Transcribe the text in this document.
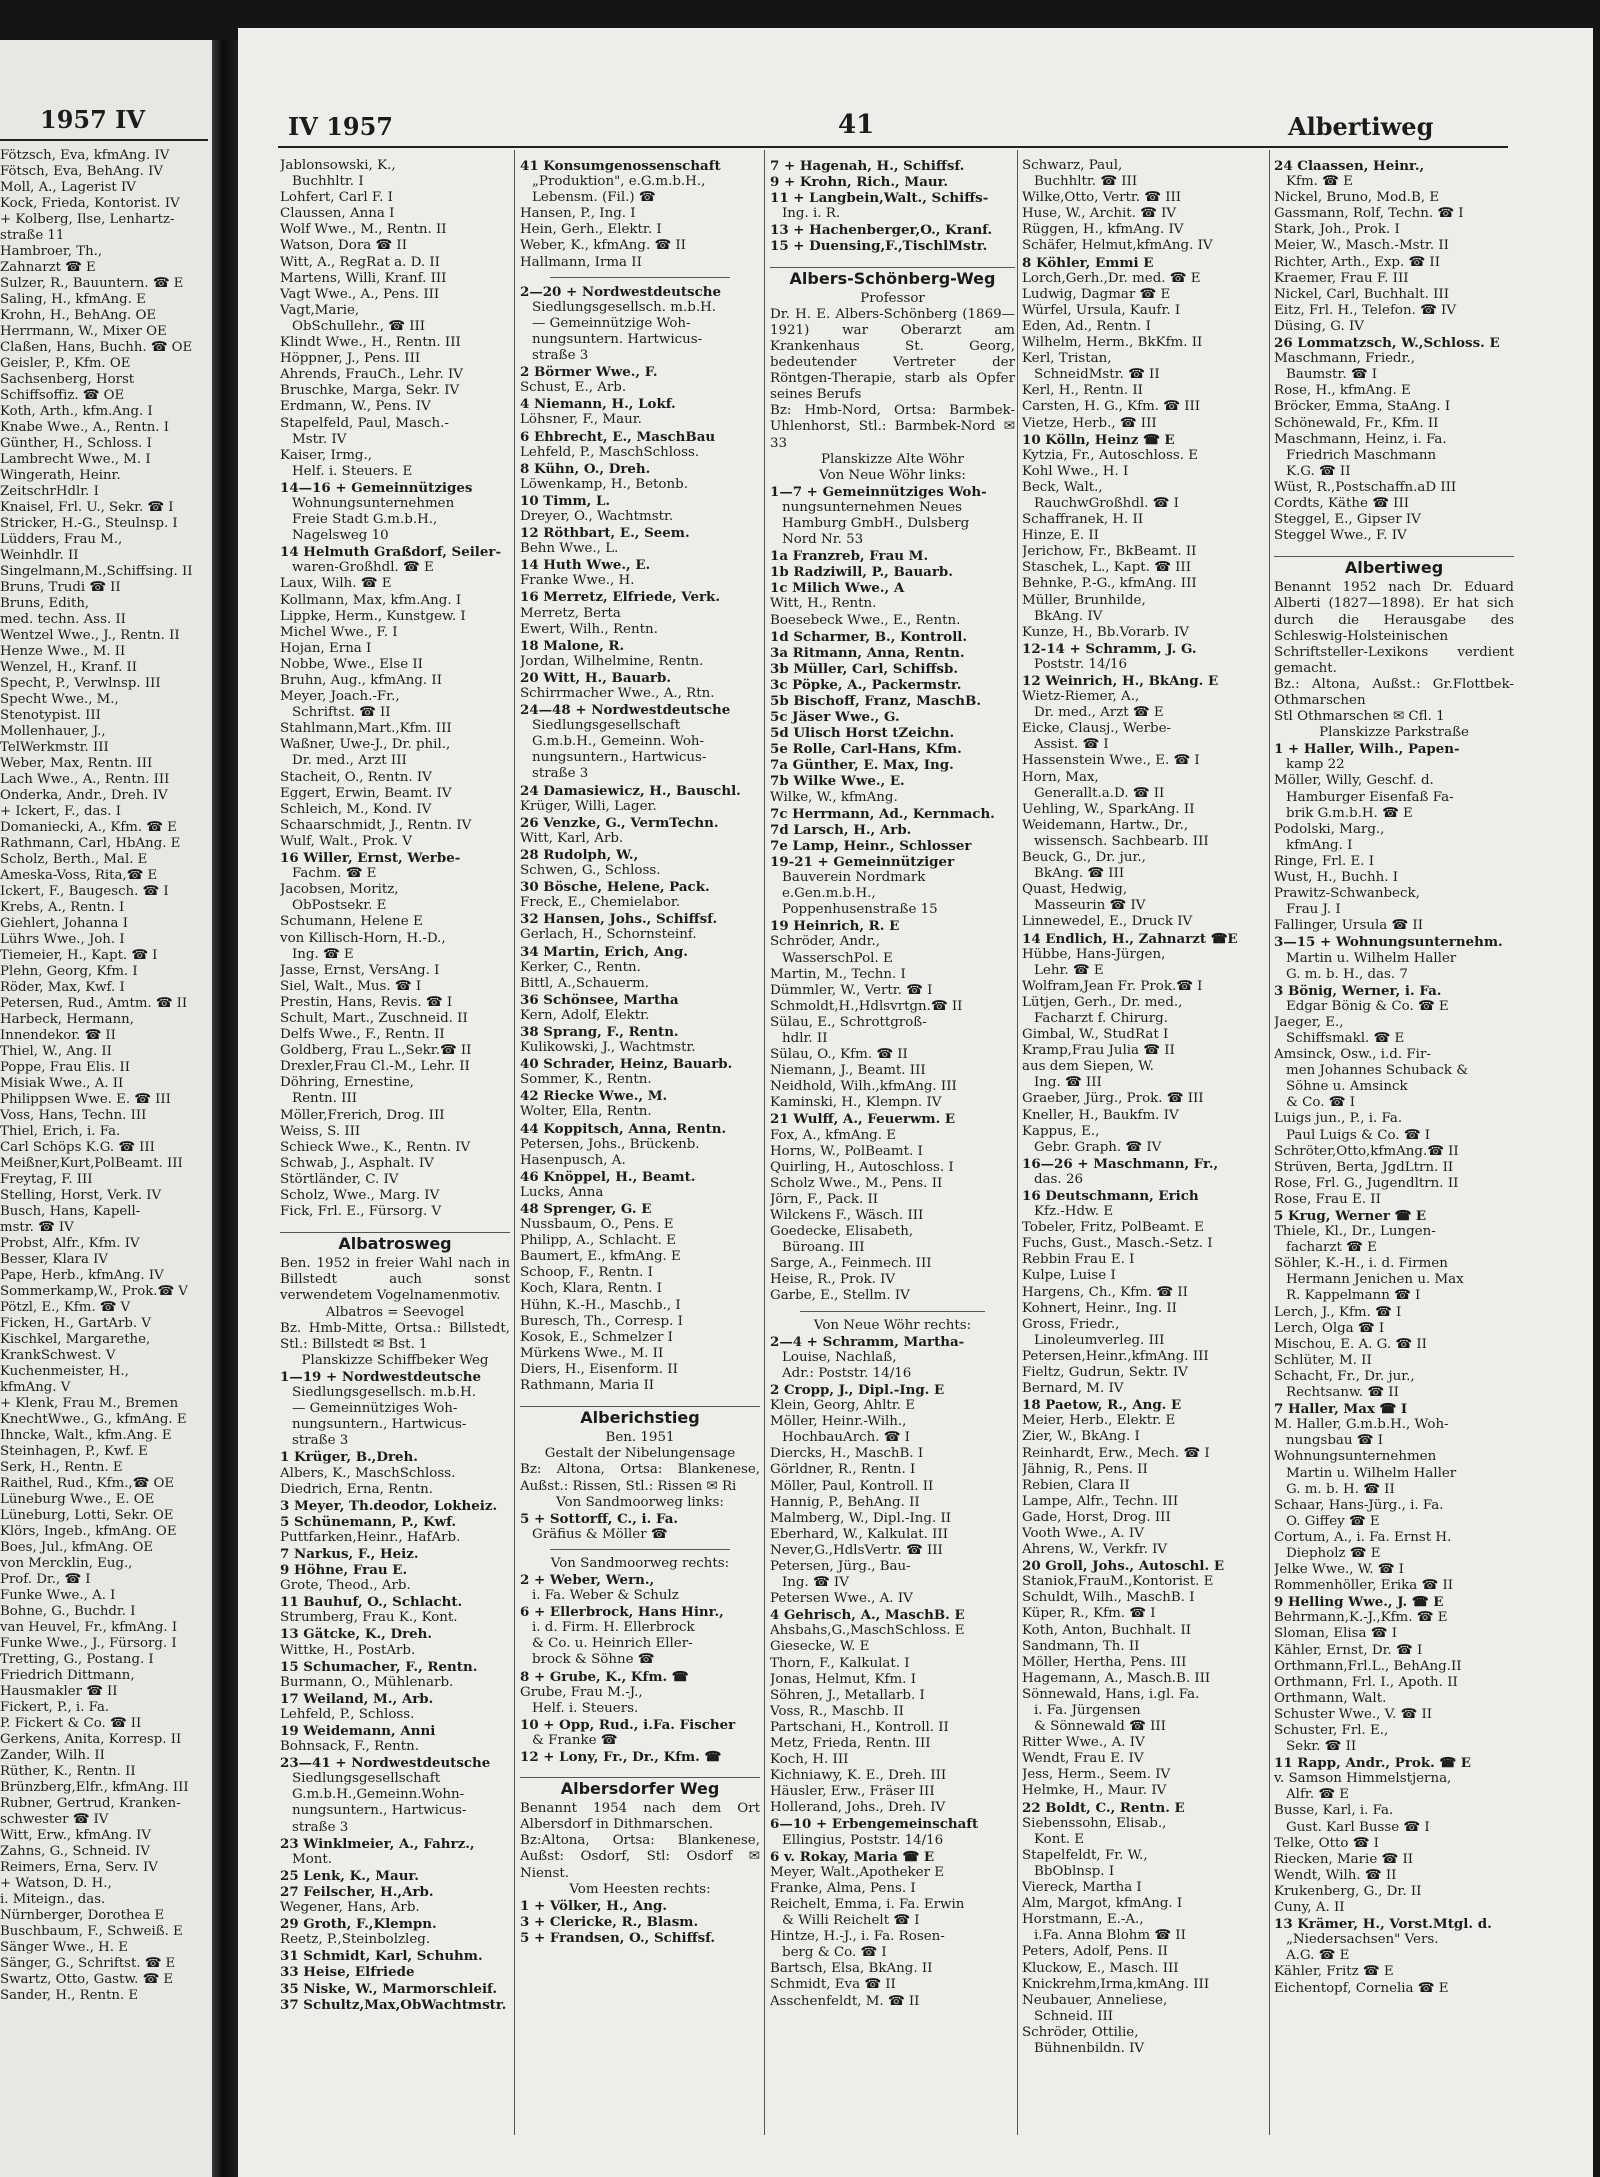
1957 IV
Fötzsch, Eva, kfmAng. IV
Fötsch, Eva, BehAng. IV
Moll, A., Lagerist IV
Kock, Frieda, Kontorist. IV
+ Kolberg, Ilse, Lenhartz-
straße 11
Hambroer, Th.,
Zahnarzt ☎ E
Sulzer, R., Bauuntern. ☎ E
Saling, H., kfmAng. E
Krohn, H., BehAng. OE
Herrmann, W., Mixer OE
Claßen, Hans, Buchh. ☎ OE
Geisler, P., Kfm. OE
Sachsenberg, Horst
Schiffsoffiz. ☎ OE
Koth, Arth., kfm.Ang. I
Knabe Wwe., A., Rentn. I
Günther, H., Schloss. I
Lambrecht Wwe., M. I
Wingerath, Heinr.
ZeitschrHdlr. I
Knaisel, Frl. U., Sekr. ☎ I
Stricker, H.-G., Steulnsp. I
Lüdders, Frau M.,
Weinhdlr. II
Singelmann,M.,Schiffsing. II
Bruns, Trudi ☎ II
Bruns, Edith,
med. techn. Ass. II
Wentzel Wwe., J., Rentn. II
Henze Wwe., M. II
Wenzel, H., Kranf. II
Specht, P., Verwlnsp. III
Specht Wwe., M.,
Stenotypist. III
Mollenhauer, J.,
TelWerkmstr. III
Weber, Max, Rentn. III
Lach Wwe., A., Rentn. III
Onderka, Andr., Dreh. IV
+ Ickert, F., das. I
Domaniecki, A., Kfm. ☎ E
Rathmann, Carl, HbAng. E
Scholz, Berth., Mal. E
Ameska-Voss, Rita,☎ E
Ickert, F., Baugesch. ☎ I
Krebs, A., Rentn. I
Giehlert, Johanna I
Lührs Wwe., Joh. I
Tiemeier, H., Kapt. ☎ I
Plehn, Georg, Kfm. I
Röder, Max, Kwf. I
Petersen, Rud., Amtm. ☎ II
Harbeck, Hermann,
Innendekor. ☎ II
Thiel, W., Ang. II
Poppe, Frau Elis. II
Misiak Wwe., A. II
Philippsen Wwe. E. ☎ III
Voss, Hans, Techn. III
Thiel, Erich, i. Fa.
Carl Schöps K.G. ☎ III
Meißner,Kurt,PolBeamt. III
Freytag, F. III
Stelling, Horst, Verk. IV
Busch, Hans, Kapell-
mstr. ☎ IV
Probst, Alfr., Kfm. IV
Besser, Klara IV
Pape, Herb., kfmAng. IV
Sommerkamp,W., Prok.☎ V
Pötzl, E., Kfm. ☎ V
Ficken, H., GartArb. V
Kischkel, Margarethe,
KrankSchwest. V
Kuchenmeister, H.,
kfmAng. V
+ Klenk, Frau M., Bremen
KnechtWwe., G., kfmAng. E
Ihncke, Walt., kfm.Ang. E
Steinhagen, P., Kwf. E
Serk, H., Rentn. E
Raithel, Rud., Kfm.,☎ OE
Lüneburg Wwe., E. OE
Lüneburg, Lotti, Sekr. OE
Klörs, Ingeb., kfmAng. OE
Boes, Jul., kfmAng. OE
von Mercklin, Eug.,
Prof. Dr., ☎ I
Funke Wwe., A. I
Bohne, G., Buchdr. I
van Heuvel, Fr., kfmAng. I
Funke Wwe., J., Fürsorg. I
Tretting, G., Postang. I
Friedrich Dittmann,
Hausmakler ☎ II
Fickert, P., i. Fa.
P. Fickert & Co. ☎ II
Gerkens, Anita, Korresp. II
Zander, Wilh. II
Rüther, K., Rentn. II
Brünzberg,Elfr., kfmAng. III
Rubner, Gertrud, Kranken-
schwester ☎ IV
Witt, Erw., kfmAng. IV
Zahns, G., Schneid. IV
Reimers, Erna, Serv. IV
+ Watson, D. H.,
i. Miteign., das.
Nürnberger, Dorothea E
Buschbaum, F., Schweiß. E
Sänger Wwe., H. E
Sänger, G., Schriftst. ☎ E
Swartz, Otto, Gastw. ☎ E
Sander, H., Rentn. E
IV 1957	41	Albertiweg
Jablonsowski, K.,
Buchhltr. I
Lohfert, Carl F. I
Claussen, Anna I
Wolf Wwe., M., Rentn. II
Watson, Dora ☎ II
Witt, A., RegRat a. D. II
Martens, Willi, Kranf. III
Vagt Wwe., A., Pens. III
Vagt,Marie,
ObSchullehr., ☎ III
Klindt Wwe., H., Rentn. III
Höppner, J., Pens. III
Ahrends, FrauCh., Lehr. IV
Bruschke, Marga, Sekr. IV
Erdmann, W., Pens. IV
Stapelfeld, Paul, Masch.-
Mstr. IV
Kaiser, Irmg.,
Helf. i. Steuers. E
14—16 + Gemeinnütziges
Wohnungsunternehmen
Freie Stadt G.m.b.H.,
Nagelsweg 10
14 Helmuth Graßdorf, Seiler-
waren-Großhdl. ☎ E
Laux, Wilh. ☎ E
Kollmann, Max, kfm.Ang. I
Lippke, Herm., Kunstgew. I
Michel Wwe., F. I
Hojan, Erna I
Nobbe, Wwe., Else II
Bruhn, Aug., kfmAng. II
Meyer, Joach.-Fr.,
Schriftst. ☎ II
Stahlmann,Mart.,Kfm. III
Waßner, Uwe-J., Dr. phil.,
Dr. med., Arzt III
Stacheit, O., Rentn. IV
Eggert, Erwin, Beamt. IV
Schleich, M., Kond. IV
Schaarschmidt, J., Rentn. IV
Wulf, Walt., Prok. V
16 Willer, Ernst, Werbe-
Fachm. ☎ E
Jacobsen, Moritz,
ObPostsekr. E
Schumann, Helene E
von Killisch-Horn, H.-D.,
Ing. ☎ E
Jasse, Ernst, VersAng. I
Siel, Walt., Mus. ☎ I
Prestin, Hans, Revis. ☎ I
Schult, Mart., Zuschneid. II
Delfs Wwe., F., Rentn. II
Goldberg, Frau L.,Sekr.☎ II
Drexler,Frau Cl.-M., Lehr. II
Döhring, Ernestine,
Rentn. III
Möller,Frerich, Drog. III
Weiss, S. III
Schieck Wwe., K., Rentn. IV
Schwab, J., Asphalt. IV
Störtländer, C. IV
Scholz, Wwe., Marg. IV
Fick, Frl. E., Fürsorg. V
Albatrosweg
Ben. 1952 in freier Wahl nach in Billstedt auch sonst verwendetem Vogelnamenmotiv.
Albatros = Seevogel
Bz. Hmb-Mitte, Ortsa.: Billstedt, Stl.: Billstedt ✉ Bst. 1
Planskizze Schiffbeker Weg
1—19 + Nordwestdeutsche
Siedlungsgesellsch. m.b.H.
— Gemeinnütziges Woh-
nungsuntern., Hartwicus-
straße 3
1 Krüger, B.,Dreh.
Albers, K., MaschSchloss.
Diedrich, Erna, Rentn.
3 Meyer, Th.deodor, Lokheiz.
5 Schünemann, P., Kwf.
Puttfarken,Heinr., HafArb.
7 Narkus, F., Heiz.
9 Höhne, Frau E.
Grote, Theod., Arb.
11 Bauhuf, O., Schlacht.
Strumberg, Frau K., Kont.
13 Gätcke, K., Dreh.
Wittke, H., PostArb.
15 Schumacher, F., Rentn.
Burmann, O., Mühlenarb.
17 Weiland, M., Arb.
Lehfeld, P., Schloss.
19 Weidemann, Anni
Bohnsack, F., Rentn.
23—41 + Nordwestdeutsche
Siedlungsgesellschaft
G.m.b.H.,Gemeinn.Wohn-
nungsuntern., Hartwicus-
straße 3
23 Winklmeier, A., Fahrz.,
Mont.
25 Lenk, K., Maur.
27 Feilscher, H.,Arb.
Wegener, Hans, Arb.
29 Groth, F.,Klempn.
Reetz, P.,Steinbolzleg.
31 Schmidt, Karl, Schuhm.
33 Heise, Elfriede
35 Niske, W., Marmorschleif.
37 Schultz,Max,ObWachtmstr.
41 Konsumgenossenschaft
„Produktion", e.G.m.b.H.,
Lebensm. (Fil.) ☎
Hansen, P., Ing. I
Hein, Gerh., Elektr. I
Weber, K., kfmAng. ☎ II
Hallmann, Irma II
2—20 + Nordwestdeutsche
Siedlungsgesellsch. m.b.H.
— Gemeinnützige Woh-
nungsuntern. Hartwicus-
straße 3
2 Börmer Wwe., F.
Schust, E., Arb.
4 Niemann, H., Lokf.
Löhsner, F., Maur.
6 Ehbrecht, E., MaschBau
Lehfeld, P., MaschSchloss.
8 Kühn, O., Dreh.
Löwenkamp, H., Betonb.
10 Timm, L.
Dreyer, O., Wachtmstr.
12 Röthbart, E., Seem.
Behn Wwe., L.
14 Huth Wwe., E.
Franke Wwe., H.
16 Merretz, Elfriede, Verk.
Merretz, Berta
Ewert, Wilh., Rentn.
18 Malone, R.
Jordan, Wilhelmine, Rentn.
20 Witt, H., Bauarb.
Schirrmacher Wwe., A., Rtn.
24—48 + Nordwestdeutsche
Siedlungsgesellschaft
G.m.b.H., Gemeinn. Woh-
nungsuntern., Hartwicus-
straße 3
24 Damasiewicz, H., Bauschl.
Krüger, Willi, Lager.
26 Venzke, G., VermTechn.
Witt, Karl, Arb.
28 Rudolph, W.,
Schwen, G., Schloss.
30 Bösche, Helene, Pack.
Freck, E., Chemielabor.
32 Hansen, Johs., Schiffsf.
Gerlach, H., Schornsteinf.
34 Martin, Erich, Ang.
Kerker, C., Rentn.
Bittl, A.,Schauerm.
36 Schönsee, Martha
Kern, Adolf, Elektr.
38 Sprang, F., Rentn.
Kulikowski, J., Wachtmstr.
40 Schrader, Heinz, Bauarb.
Sommer, K., Rentn.
42 Riecke Wwe., M.
Wolter, Ella, Rentn.
44 Koppitsch, Anna, Rentn.
Petersen, Johs., Brückenb.
Hasenpusch, A.
46 Knöppel, H., Beamt.
Lucks, Anna
48 Sprenger, G. E
Nussbaum, O., Pens. E
Philipp, A., Schlacht. E
Baumert, E., kfmAng. E
Schoop, F., Rentn. I
Koch, Klara, Rentn. I
Hühn, K.-H., Maschb., I
Buresch, Th., Corresp. I
Kosok, E., Schmelzer I
Mürkens Wwe., M. II
Diers, H., Eisenform. II
Rathmann, Maria II
Alberichstieg
Ben. 1951
Gestalt der Nibelungensage
Bz: Altona, Ortsa: Blankenese, Außst.: Rissen, Stl.: Rissen ✉ Ri
Von Sandmoorweg links:
5 + Sottorff, C., i. Fa.
Gräfius & Möller ☎
Von Sandmoorweg rechts:
2 + Weber, Wern.,
i. Fa. Weber & Schulz
6 + Ellerbrock, Hans Hinr.,
i. d. Firm. H. Ellerbrock
& Co. u. Heinrich Eller-
brock & Söhne ☎
8 + Grube, K., Kfm. ☎
Grube, Frau M.-J.,
Helf. i. Steuers.
10 + Opp, Rud., i.Fa. Fischer
& Franke ☎
12 + Lony, Fr., Dr., Kfm. ☎
Albersdorfer Weg
Benannt 1954 nach dem Ort Albersdorf in Dithmarschen.
Bz:Altona, Ortsa: Blankenese, Außst: Osdorf, Stl: Osdorf ✉ Nienst.
Vom Heesten rechts:
1 + Völker, H., Ang.
3 + Clericke, R., Blasm.
5 + Frandsen, O., Schiffsf.
7 + Hagenah, H., Schiffsf.
9 + Krohn, Rich., Maur.
11 + Langbein,Walt., Schiffs-
Ing. i. R.
13 + Hachenberger,O., Kranf.
15 + Duensing,F.,TischlMstr.
Albers-Schönberg-Weg
Professor
Dr. H. E. Albers-Schönberg (1869—1921) war Oberarzt am Krankenhaus St. Georg, bedeutender Vertreter der Röntgen-Therapie, starb als Opfer seines Berufs
Bz: Hmb-Nord, Ortsa: Barmbek-Uhlenhorst, Stl.: Barmbek-Nord ✉ 33
Planskizze Alte Wöhr
Von Neue Wöhr links:
1—7 + Gemeinnütziges Woh-
nungsunternehmen Neues
Hamburg GmbH., Dulsberg
Nord Nr. 53
1a Franzreb, Frau M.
1b Radziwill, P., Bauarb.
1c Milich Wwe., A
Witt, H., Rentn.
Boesebeck Wwe., E., Rentn.
1d Scharmer, B., Kontroll.
3a Ritmann, Anna, Rentn.
3b Müller, Carl, Schiffsb.
3c Pöpke, A., Packermstr.
5b Bischoff, Franz, MaschB.
5c Jäser Wwe., G.
5d Ulisch Horst tZeichn.
5e Rolle, Carl-Hans, Kfm.
7a Günther, E. Max, Ing.
7b Wilke Wwe., E.
Wilke, W., kfmAng.
7c Herrmann, Ad., Kernmach.
7d Larsch, H., Arb.
7e Lamp, Heinr., Schlosser
19-21 + Gemeinnütziger
Bauverein Nordmark
e.Gen.m.b.H.,
Poppenhusenstraße 15
19 Heinrich, R. E
Schröder, Andr.,
WasserschPol. E
Martin, M., Techn. I
Dümmler, W., Vertr. ☎ I
Schmoldt,H.,Hdlsvrtgn.☎ II
Sülau, E., Schrottgroß-
hdlr. II
Sülau, O., Kfm. ☎ II
Niemann, J., Beamt. III
Neidhold, Wilh.,kfmAng. III
Kaminski, H., Klempn. IV
21 Wulff, A., Feuerwm. E
Fox, A., kfmAng. E
Horns, W., PolBeamt. I
Quirling, H., Autoschloss. I
Scholz Wwe., M., Pens. II
Jörn, F., Pack. II
Wilckens F., Wäsch. III
Goedecke, Elisabeth,
Büroang. III
Sarge, A., Feinmech. III
Heise, R., Prok. IV
Garbe, E., Stellm. IV
Von Neue Wöhr rechts:
2—4 + Schramm, Martha-
Louise, Nachlaß,
Adr.: Poststr. 14/16
2 Cropp, J., Dipl.-Ing. E
Klein, Georg, Ahltr. E
Möller, Heinr.-Wilh.,
HochbauArch. ☎ I
Diercks, H., MaschB. I
Görldner, R., Rentn. I
Möller, Paul, Kontroll. II
Hannig, P., BehAng. II
Malmberg, W., Dipl.-Ing. II
Eberhard, W., Kalkulat. III
Never,G.,HdlsVertr. ☎ III
Petersen, Jürg., Bau-
Ing. ☎ IV
Petersen Wwe., A. IV
4 Gehrisch, A., MaschB. E
Ahsbahs,G.,MaschSchloss. E
Giesecke, W. E
Thorn, F., Kalkulat. I
Jonas, Helmut, Kfm. I
Söhren, J., Metallarb. I
Voss, R., Maschb. II
Partschani, H., Kontroll. II
Metz, Frieda, Rentn. III
Koch, H. III
Kichniawy, K. E., Dreh. III
Häusler, Erw., Fräser III
Hollerand, Johs., Dreh. IV
6—10 + Erbengemeinschaft
Ellingius, Poststr. 14/16
6 v. Rokay, Maria ☎ E
Meyer, Walt.,Apotheker E
Franke, Alma, Pens. I
Reichelt, Emma, i. Fa. Erwin
& Willi Reichelt ☎ I
Hintze, H.-J., i. Fa. Rosen-
berg & Co. ☎ I
Bartsch, Elsa, BkAng. II
Schmidt, Eva ☎ II
Asschenfeldt, M. ☎ II
Schwarz, Paul,
Buchhltr. ☎ III
Wilke,Otto, Vertr. ☎ III
Huse, W., Archit. ☎ IV
Rüggen, H., kfmAng. IV
Schäfer, Helmut,kfmAng. IV
8 Köhler, Emmi E
Lorch,Gerh.,Dr. med. ☎ E
Ludwig, Dagmar ☎ E
Würfel, Ursula, Kaufr. I
Eden, Ad., Rentn. I
Wilhelm, Herm., BkKfm. II
Kerl, Tristan,
SchneidMstr. ☎ II
Kerl, H., Rentn. II
Carsten, H. G., Kfm. ☎ III
Vietze, Herb., ☎ III
10 Kölln, Heinz ☎ E
Kytzia, Fr., Autoschloss. E
Kohl Wwe., H. I
Beck, Walt.,
RauchwGroßhdl. ☎ I
Schaffranek, H. II
Hinze, E. II
Jerichow, Fr., BkBeamt. II
Staschek, L., Kapt. ☎ III
Behnke, P.-G., kfmAng. III
Müller, Brunhilde,
BkAng. IV
Kunze, H., Bb.Vorarb. IV
12-14 + Schramm, J. G.
Poststr. 14/16
12 Weinrich, H., BkAng. E
Wietz-Riemer, A.,
Dr. med., Arzt ☎ E
Eicke, Clausj., Werbe-
Assist. ☎ I
Hassenstein Wwe., E. ☎ I
Horn, Max,
Generallt.a.D. ☎ II
Uehling, W., SparkAng. II
Weidemann, Hartw., Dr.,
wissensch. Sachbearb. III
Beuck, G., Dr. jur.,
BkAng. ☎ III
Quast, Hedwig,
Masseurin ☎ IV
Linnewedel, E., Druck IV
14 Endlich, H., Zahnarzt ☎E
Hübbe, Hans-Jürgen,
Lehr. ☎ E
Wolfram,Jean Fr. Prok.☎ I
Lütjen, Gerh., Dr. med.,
Facharzt f. Chirurg.
Gimbal, W., StudRat I
Kramp,Frau Julia ☎ II
aus dem Siepen, W.
Ing. ☎ III
Graeber, Jürg., Prok. ☎ III
Kneller, H., Baukfm. IV
Kappus, E.,
Gebr. Graph. ☎ IV
16—26 + Maschmann, Fr.,
das. 26
16 Deutschmann, Erich
Kfz.-Hdw. E
Tobeler, Fritz, PolBeamt. E
Fuchs, Gust., Masch.-Setz. I
Rebbin Frau E. I
Kulpe, Luise I
Hargens, Ch., Kfm. ☎ II
Kohnert, Heinr., Ing. II
Gross, Friedr.,
Linoleumverleg. III
Petersen,Heinr.,kfmAng. III
Fieltz, Gudrun, Sektr. IV
Bernard, M. IV
18 Paetow, R., Ang. E
Meier, Herb., Elektr. E
Zier, W., BkAng. I
Reinhardt, Erw., Mech. ☎ I
Jähnig, R., Pens. II
Rebien, Clara II
Lampe, Alfr., Techn. III
Gade, Horst, Drog. III
Vooth Wwe., A. IV
Ahrens, W., Verkfr. IV
20 Groll, Johs., Autoschl. E
Staniok,FrauM.,Kontorist. E
Schuldt, Wilh., MaschB. I
Küper, R., Kfm. ☎ I
Koth, Anton, Buchhalt. II
Sandmann, Th. II
Möller, Hertha, Pens. III
Hagemann, A., Masch.B. III
Sönnewald, Hans, i.gl. Fa.
i. Fa. Jürgensen
& Sönnewald ☎ III
Ritter Wwe., A. IV
Wendt, Frau E. IV
Jess, Herm., Seem. IV
Helmke, H., Maur. IV
22 Boldt, C., Rentn. E
Siebenssohn, Elisab.,
Kont. E
Stapelfeldt, Fr. W.,
BbOblnsp. I
Viereck, Martha I
Alm, Margot, kfmAng. I
Horstmann, E.-A.,
i.Fa. Anna Blohm ☎ II
Peters, Adolf, Pens. II
Kluckow, E., Masch. III
Knickrehm,Irma,kmAng. III
Neubauer, Anneliese,
Schneid. III
Schröder, Ottilie,
Bühnenbildn. IV
24 Claassen, Heinr.,
Kfm. ☎ E
Nickel, Bruno, Mod.B, E
Gassmann, Rolf, Techn. ☎ I
Stark, Joh., Prok. I
Meier, W., Masch.-Mstr. II
Richter, Arth., Exp. ☎ II
Kraemer, Frau F. III
Nickel, Carl, Buchhalt. III
Eitz, Frl. H., Telefon. ☎ IV
Düsing, G. IV
26 Lommatzsch, W.,Schloss. E
Maschmann, Friedr.,
Baumstr. ☎ I
Rose, H., kfmAng. E
Bröcker, Emma, StaAng. I
Schönewald, Fr., Kfm. II
Maschmann, Heinz, i. Fa.
Friedrich Maschmann
K.G. ☎ II
Wüst, R.,Postschaffn.aD III
Cordts, Käthe ☎ III
Steggel, E., Gipser IV
Steggel Wwe., F. IV
Albertiweg
Benannt 1952 nach Dr. Eduard Alberti (1827—1898). Er hat sich durch die Herausgabe des Schleswig-Holsteinischen Schriftsteller-Lexikons verdient gemacht.
Bz.: Altona, Außst.: Gr.Flottbek-Othmarschen
Stl Othmarschen ✉ Cfl. 1
Planskizze Parkstraße
1 + Haller, Wilh., Papen-
kamp 22
Möller, Willy, Geschf. d.
Hamburger Eisenfaß Fa-
brik G.m.b.H. ☎ E
Podolski, Marg.,
kfmAng. I
Ringe, Frl. E. I
Wust, H., Buchh. I
Prawitz-Schwanbeck,
Frau J. I
Fallinger, Ursula ☎ II
3—15 + Wohnungsunternehm.
Martin u. Wilhelm Haller
G. m. b. H., das. 7
3 Bönig, Werner, i. Fa.
Edgar Bönig & Co. ☎ E
Jaeger, E.,
Schiffsmakl. ☎ E
Amsinck, Osw., i.d. Fir-
men Johannes Schuback &
Söhne u. Amsinck
& Co. ☎ I
Luigs jun., P., i. Fa.
Paul Luigs & Co. ☎ I
Schröter,Otto,kfmAng.☎ II
Strüven, Berta, JgdLtrn. II
Rose, Frl. G., Jugendltrn. II
Rose, Frau E. II
5 Krug, Werner ☎ E
Thiele, Kl., Dr., Lungen-
facharzt ☎ E
Söhler, K.-H., i. d. Firmen
Hermann Jenichen u. Max
R. Kappelmann ☎ I
Lerch, J., Kfm. ☎ I
Lerch, Olga ☎ I
Mischou, E. A. G. ☎ II
Schlüter, M. II
Schacht, Fr., Dr. jur.,
Rechtsanw. ☎ II
7 Haller, Max ☎ I
M. Haller, G.m.b.H., Woh-
nungsbau ☎ I
Wohnungsunternehmen
Martin u. Wilhelm Haller
G. m. b. H. ☎ II
Schaar, Hans-Jürg., i. Fa.
O. Giffey ☎ E
Cortum, A., i. Fa. Ernst H.
Diepholz ☎ E
Jelke Wwe., W. ☎ I
Rommenhöller, Erika ☎ II
9 Helling Wwe., J. ☎ E
Behrmann,K.-J.,Kfm. ☎ E
Sloman, Elisa ☎ I
Kähler, Ernst, Dr. ☎ I
Orthmann,Frl.L., BehAng.II
Orthmann, Frl. I., Apoth. II
Orthmann, Walt.
Schuster Wwe., V. ☎ II
Schuster, Frl. E.,
Sekr. ☎ II
11 Rapp, Andr., Prok. ☎ E
v. Samson Himmelstjerna,
Alfr. ☎ E
Busse, Karl, i. Fa.
Gust. Karl Busse ☎ I
Telke, Otto ☎ I
Riecken, Marie ☎ II
Wendt, Wilh. ☎ II
Krukenberg, G., Dr. II
Cuny, A. II
13 Krämer, H., Vorst.Mtgl. d.
„Niedersachsen" Vers.
A.G. ☎ E
Kähler, Fritz ☎ E
Eichentopf, Cornelia ☎ E
